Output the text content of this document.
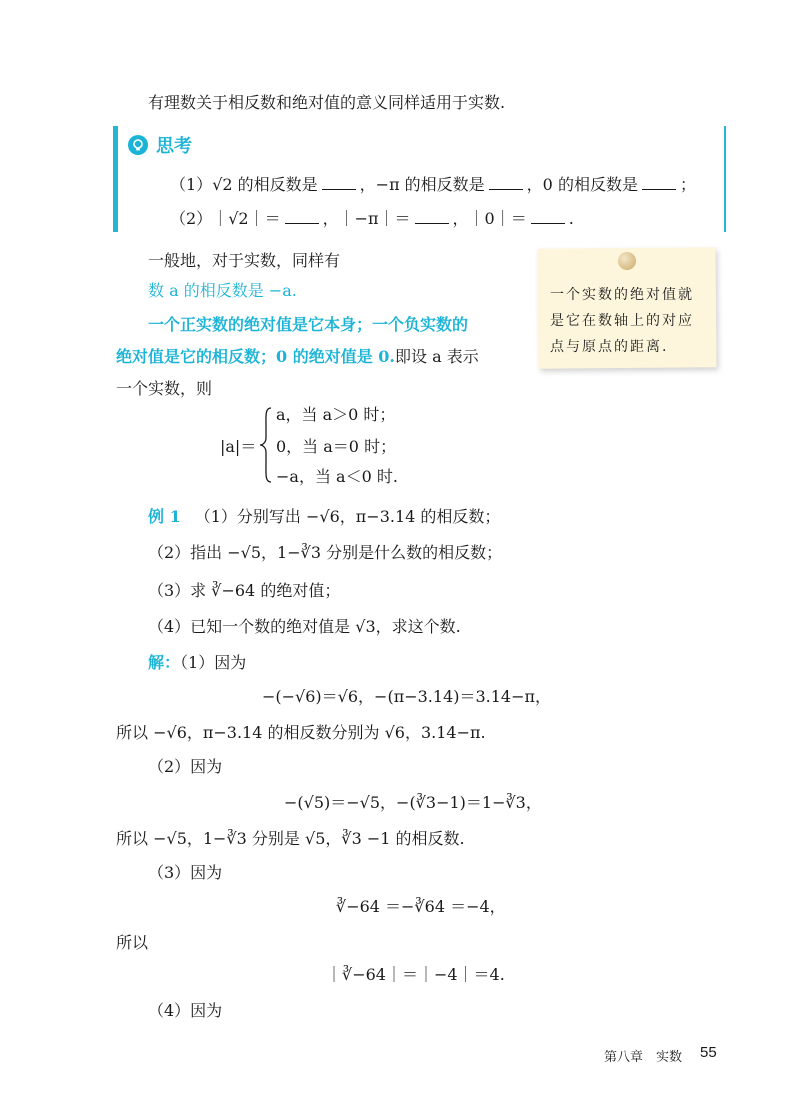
有理数关于相反数和绝对值的意义同样适用于实数.
思考
（1）√2 的相反数是	，−π 的相反数是	，0 的相反数是	；
（2）｜√2｜＝	，｜−π｜＝	，｜0｜＝	.
一般地，对于实数，同样有
数 a 的相反数是 −a.
一个正实数的绝对值是它本身；一个负实数的
绝对值是它的相反数；0 的绝对值是 0.即设 a 表示
一个实数，则
一个实数的绝对值就是它在数轴上的对应点与原点的距离.
|a|＝
a，当 a＞0 时；
0，当 a＝0 时；
−a，当 a＜0 时.
例 1 （1）分别写出 −√6，π−3.14 的相反数；
（2）指出 −√5，1−∛3 分别是什么数的相反数；
（3）求 ∛−64 的绝对值；
（4）已知一个数的绝对值是 √3，求这个数.
解：（1）因为
−(−√6)＝√6，−(π−3.14)＝3.14−π，
所以 −√6，π−3.14 的相反数分别为 √6，3.14−π.
（2）因为
−(√5)＝−√5，−(∛3−1)＝1−∛3，
所以 −√5，1−∛3 分别是 √5，∛3 −1 的相反数.
（3）因为
∛−64 ＝−∛64 ＝−4，
所以
｜∛−64｜＝｜−4｜＝4.
（4）因为
第八章　实数 55
